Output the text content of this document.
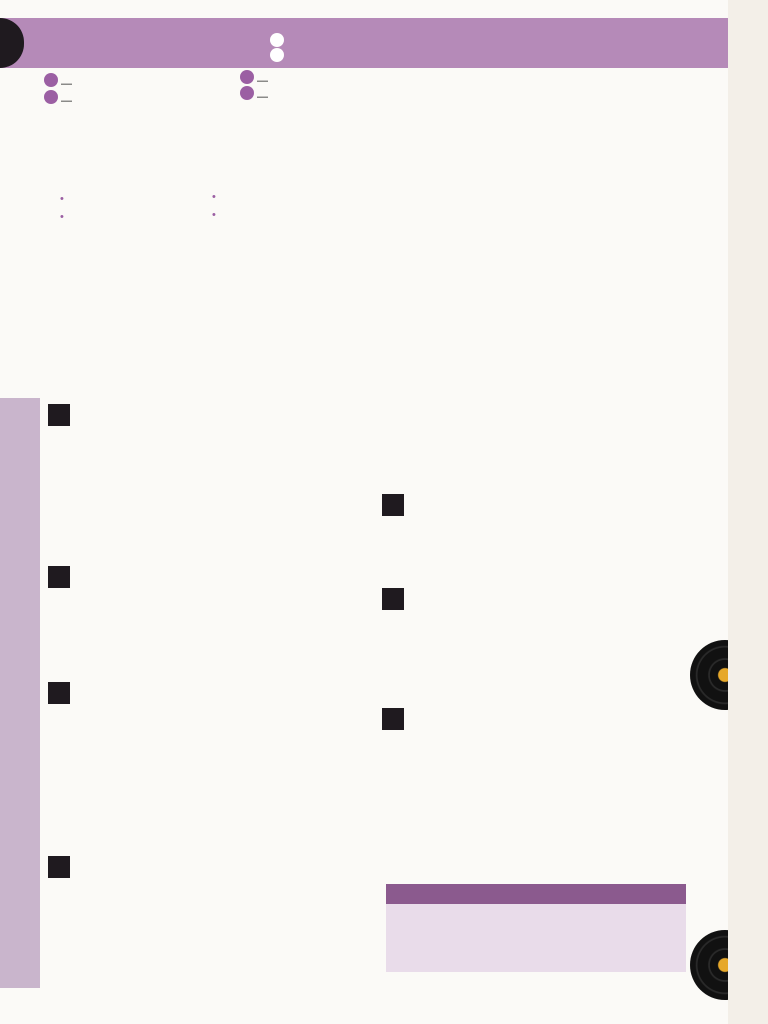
—
—
—
—
•
•
•
•
